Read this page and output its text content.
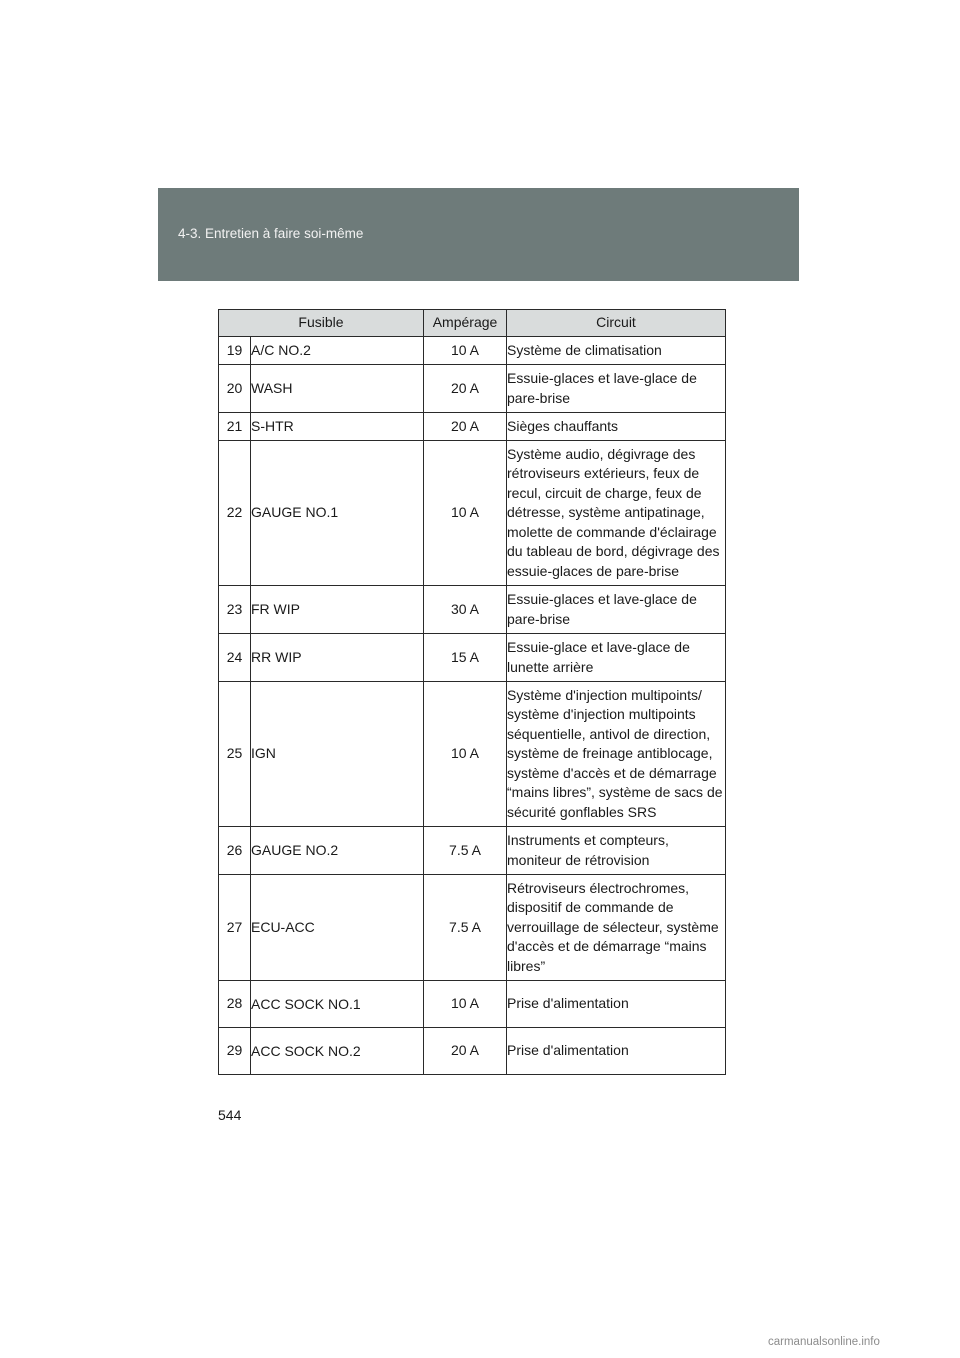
4-3. Entretien à faire soi-même
Fusible		Ampérage	Circuit
19	A/C NO.2	10 A	Système de climatisation
20	WASH	20 A	Essuie-glaces et lave-glace de pare-brise
21	S-HTR	20 A	Sièges chauffants
22	GAUGE NO.1	10 A	Système audio, dégivrage des rétroviseurs extérieurs, feux de recul, circuit de charge, feux de détresse, système antipatinage, molette de commande d'éclairage du tableau de bord, dégivrage des essuie-glaces de pare-brise
23	FR WIP	30 A	Essuie-glaces et lave-glace de pare-brise
24	RR WIP	15 A	Essuie-glace et lave-glace de lunette arrière
25	IGN	10 A	Système d'injection multipoints/ système d'injection multipoints séquentielle, antivol de direction, système de freinage antiblocage, système d'accès et de démarrage “mains libres”, système de sacs de sécurité gonflables SRS
26	GAUGE NO.2	7.5 A	Instruments et compteurs, moniteur de rétrovision
27	ECU-ACC	7.5 A	Rétroviseurs électrochromes, dispositif de commande de verrouillage de sélecteur, système d'accès et de démarrage “mains libres”
28	ACC SOCK NO.1	10 A	Prise d'alimentation
29	ACC SOCK NO.2	20 A	Prise d'alimentation
544
carmanualsonline.info
